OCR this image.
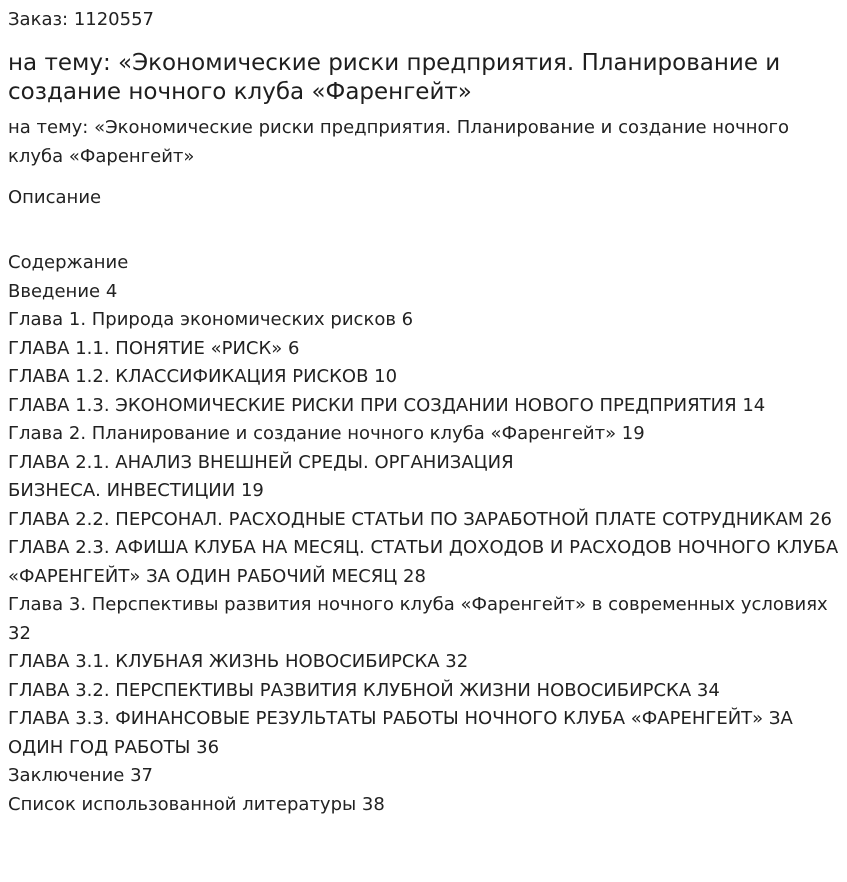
Заказ: 1120557

на тему: «Экономические риски предприятия. Планирование и создание ночного клуба «Фаренгейт»

на тему: «Экономические риски предприятия. Планирование и создание ночного клуба «Фаренгейт»

Описание

Содержание

Введение 4
Глава 1. Природа экономических рисков 6
ГЛАВА 1.1. ПОНЯТИЕ «РИСК» 6
ГЛАВА 1.2. КЛАССИФИКАЦИЯ РИСКОВ 10
ГЛАВА 1.3. ЭКОНОМИЧЕСКИЕ РИСКИ ПРИ СОЗДАНИИ НОВОГО ПРЕДПРИЯТИЯ 14
Глава 2. Планирование и создание ночного клуба «Фаренгейт» 19
ГЛАВА 2.1. АНАЛИЗ ВНЕШНЕЙ СРЕДЫ. ОРГАНИЗАЦИЯ
БИЗНЕСА. ИНВЕСТИЦИИ 19
ГЛАВА 2.2. ПЕРСОНАЛ. РАСХОДНЫЕ СТАТЬИ ПО ЗАРАБОТНОЙ ПЛАТЕ СОТРУДНИКАМ 26
ГЛАВА 2.3. АФИША КЛУБА НА МЕСЯЦ. СТАТЬИ ДОХОДОВ И РАСХОДОВ НОЧНОГО КЛУБА «ФАРЕНГЕЙТ» ЗА ОДИН РАБОЧИЙ МЕСЯЦ 28
Глава 3. Перспективы развития ночного клуба «Фаренгейт» в современных условиях 32
ГЛАВА 3.1. КЛУБНАЯ ЖИЗНЬ НОВОСИБИРСКА 32
ГЛАВА 3.2. ПЕРСПЕКТИВЫ РАЗВИТИЯ КЛУБНОЙ ЖИЗНИ НОВОСИБИРСКА 34
ГЛАВА 3.3. ФИНАНСОВЫЕ РЕЗУЛЬТАТЫ РАБОТЫ НОЧНОГО КЛУБА «ФАРЕНГЕЙТ» ЗА ОДИН ГОД РАБОТЫ 36
Заключение 37
Список использованной литературы 38
